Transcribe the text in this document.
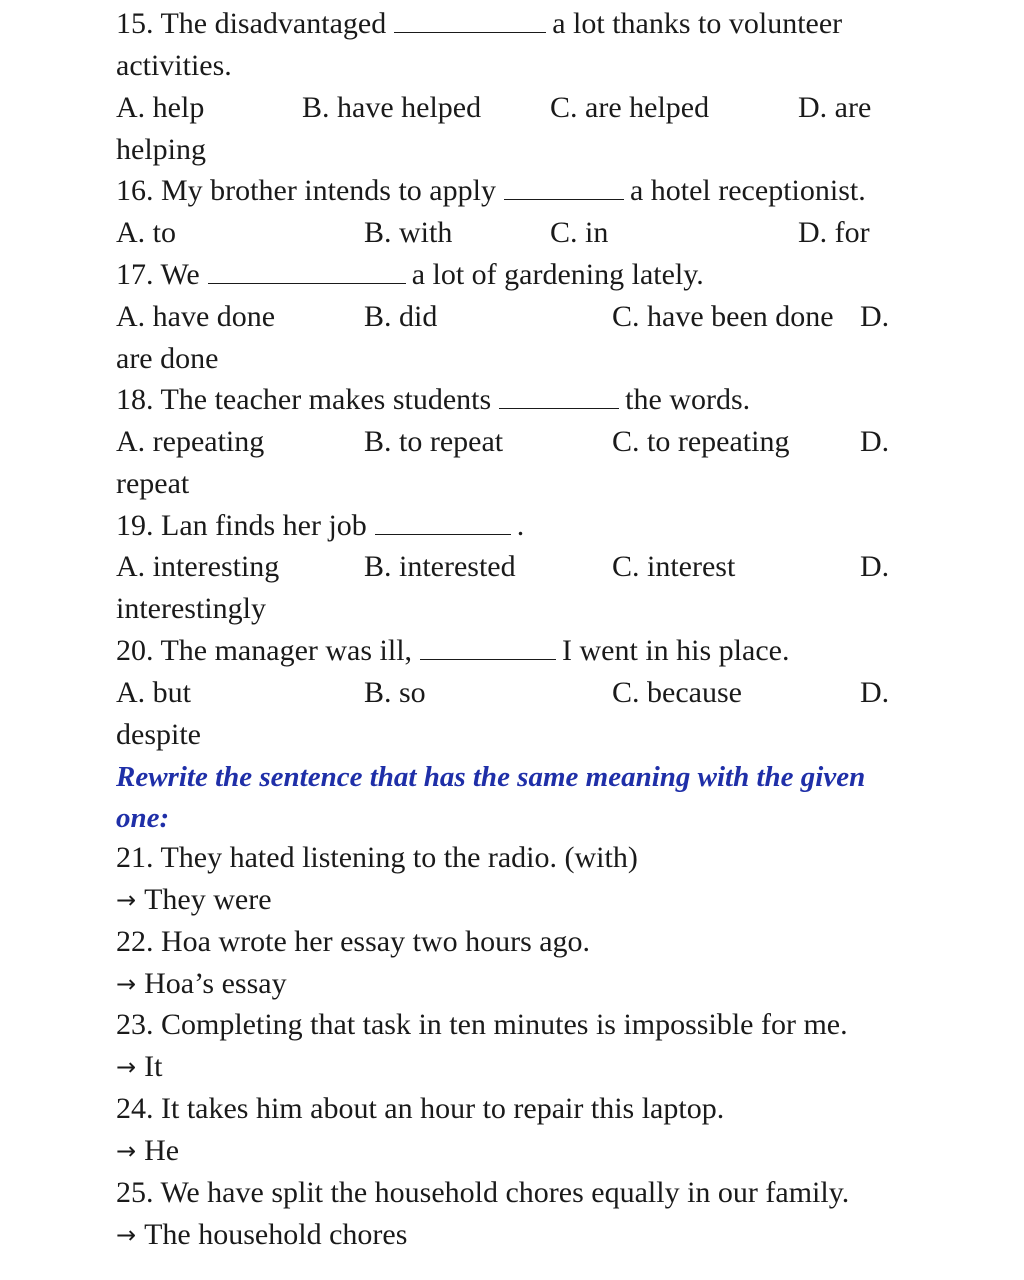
15. The disadvantaged	a lot thanks to volunteer
activities.
A. help	B. have helped C. are helped	D. are
helping
16. My brother intends to apply	a hotel receptionist.
A. to	B. with	C. in	D. for
17. We	a lot of gardening lately.
A. have done	B. did	C. have been done D.
are done
18. The teacher makes students	the words.
A. repeating	B. to repeat	C. to repeating D.
repeat
19. Lan finds her job	.
A. interesting	B. interested	C. interest	D.
interestingly
20. The manager was ill,	I went in his place.
A. but	B. so	C. because	D.
despite
Rewrite the sentence that has the same meaning with the given
one:
21. They hated listening to the radio. (with)
→ They were
22. Hoa wrote her essay two hours ago.
→ Hoa’s essay
23. Completing that task in ten minutes is impossible for me.
→ It
24. It takes him about an hour to repair this laptop.
→ He
25. We have split the household chores equally in our family.
→ The household chores
